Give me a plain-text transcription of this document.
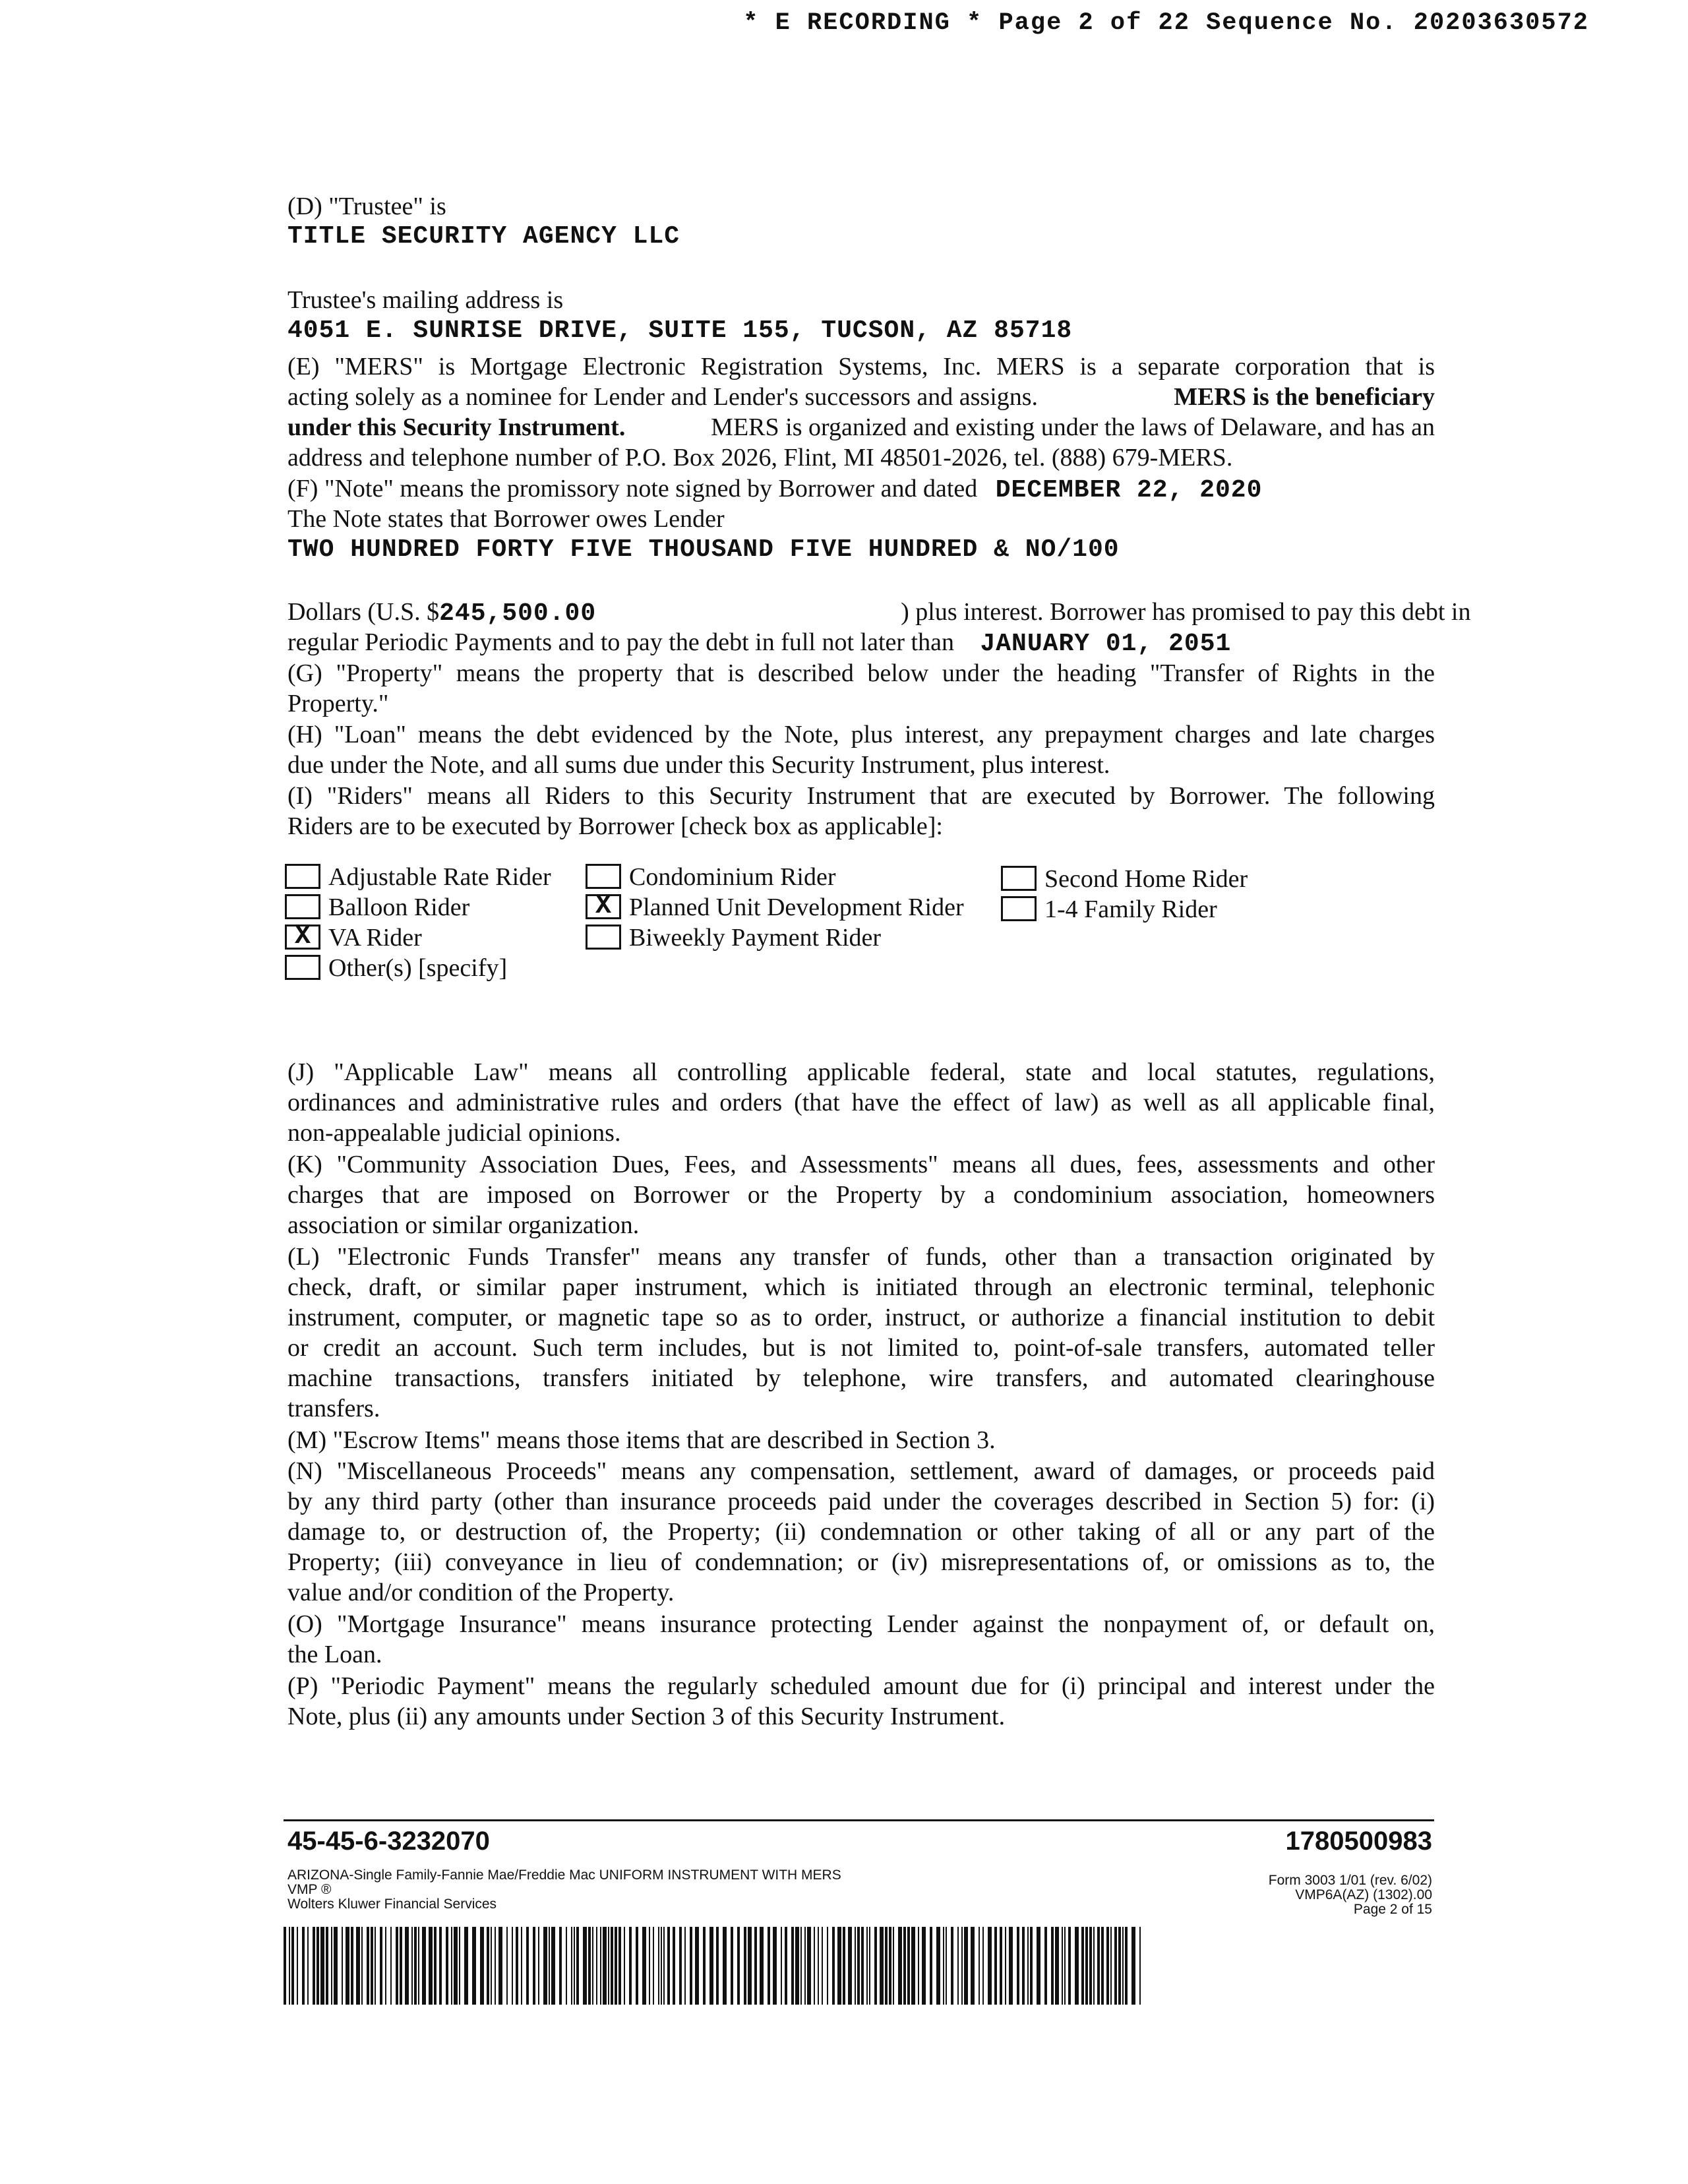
* E RECORDING * Page 2 of 22 Sequence No. 20203630572
(D) "Trustee" is
TITLE SECURITY AGENCY LLC
Trustee's mailing address is
4051 E. SUNRISE DRIVE, SUITE 155, TUCSON, AZ 85718
(E) "MERS" is Mortgage Electronic Registration Systems, Inc. MERS is a separate corporation that is
acting solely as a nominee for Lender and Lender's successors and assigns.	MERS is the beneficiary
under this Security Instrument.	MERS is organized and existing under the laws of Delaware, and has an
address and telephone number of P.O. Box 2026, Flint, MI 48501-2026, tel. (888) 679-MERS.
(F) "Note" means the promissory note signed by Borrower and dated DECEMBER 22, 2020
The Note states that Borrower owes Lender
TWO HUNDRED FORTY FIVE THOUSAND FIVE HUNDRED & NO/100
Dollars (U.S. $245,500.00	) plus interest. Borrower has promised to pay this debt in
regular Periodic Payments and to pay the debt in full not later than JANUARY 01, 2051
(G) "Property" means the property that is described below under the heading "Transfer of Rights in the
Property."
(H) "Loan" means the debt evidenced by the Note, plus interest, any prepayment charges and late charges
due under the Note, and all sums due under this Security Instrument, plus interest.
(I) "Riders" means all Riders to this Security Instrument that are executed by Borrower. The following
Riders are to be executed by Borrower [check box as applicable]:
Adjustable Rate Rider
Balloon Rider
X VA Rider
Other(s) [specify]
Condominium Rider
X Planned Unit Development Rider
Biweekly Payment Rider
Second Home Rider
1-4 Family Rider
(J) "Applicable Law" means all controlling applicable federal, state and local statutes, regulations,
ordinances and administrative rules and orders (that have the effect of law) as well as all applicable final,
non-appealable judicial opinions.
(K) "Community Association Dues, Fees, and Assessments" means all dues, fees, assessments and other
charges that are imposed on Borrower or the Property by a condominium association, homeowners
association or similar organization.
(L) "Electronic Funds Transfer" means any transfer of funds, other than a transaction originated by
check, draft, or similar paper instrument, which is initiated through an electronic terminal, telephonic
instrument, computer, or magnetic tape so as to order, instruct, or authorize a financial institution to debit
or credit an account. Such term includes, but is not limited to, point-of-sale transfers, automated teller
machine transactions, transfers initiated by telephone, wire transfers, and automated clearinghouse
transfers.
(M) "Escrow Items" means those items that are described in Section 3.
(N) "Miscellaneous Proceeds" means any compensation, settlement, award of damages, or proceeds paid
by any third party (other than insurance proceeds paid under the coverages described in Section 5) for: (i)
damage to, or destruction of, the Property; (ii) condemnation or other taking of all or any part of the
Property; (iii) conveyance in lieu of condemnation; or (iv) misrepresentations of, or omissions as to, the
value and/or condition of the Property.
(O) "Mortgage Insurance" means insurance protecting Lender against the nonpayment of, or default on,
the Loan.
(P) "Periodic Payment" means the regularly scheduled amount due for (i) principal and interest under the
Note, plus (ii) any amounts under Section 3 of this Security Instrument.
45-45-6-3232070	1780500983
ARIZONA-Single Family-Fannie Mae/Freddie Mac UNIFORM INSTRUMENT WITH MERS
VMP ®
Wolters Kluwer Financial Services
Form 3003 1/01 (rev. 6/02)
VMP6A(AZ) (1302).00
Page 2 of 15
